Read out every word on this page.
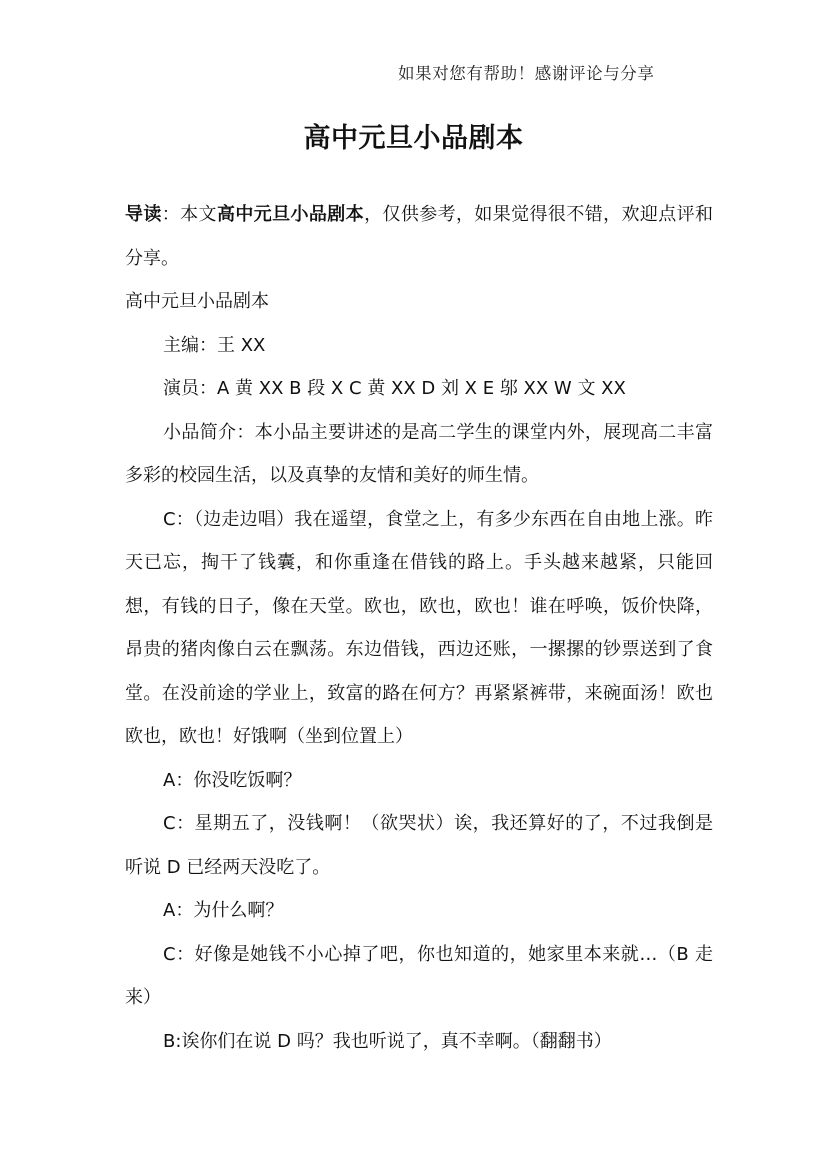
如果对您有帮助！感谢评论与分享
高中元旦小品剧本

导读：本文高中元旦小品剧本，仅供参考，如果觉得很不错，欢迎点评和分享。

高中元旦小品剧本

主编：王 XX

演员：A 黄 XX B 段 X C 黄 XX D 刘 X E 邬 XX W 文 XX

小品简介：本小品主要讲述的是高二学生的课堂内外，展现高二丰富多彩的校园生活，以及真挚的友情和美好的师生情。

C：（边走边唱）我在遥望，食堂之上，有多少东西在自由地上涨。昨天已忘，掏干了钱囊，和你重逢在借钱的路上。手头越来越紧，只能回想，有钱的日子，像在天堂。欧也，欧也，欧也！谁在呼唤，饭价快降，昂贵的猪肉像白云在飘荡。东边借钱，西边还账，一摞摞的钞票送到了食堂。在没前途的学业上，致富的路在何方？再紧紧裤带，来碗面汤！欧也欧也，欧也！好饿啊（坐到位置上）

A：你没吃饭啊？

C：星期五了，没钱啊！（欲哭状）诶，我还算好的了，不过我倒是听说 D 已经两天没吃了。

A：为什么啊？

C：好像是她钱不小心掉了吧，你也知道的，她家里本来就…（B 走来）

B:诶你们在说 D 吗？我也听说了，真不幸啊。（翻翻书）
